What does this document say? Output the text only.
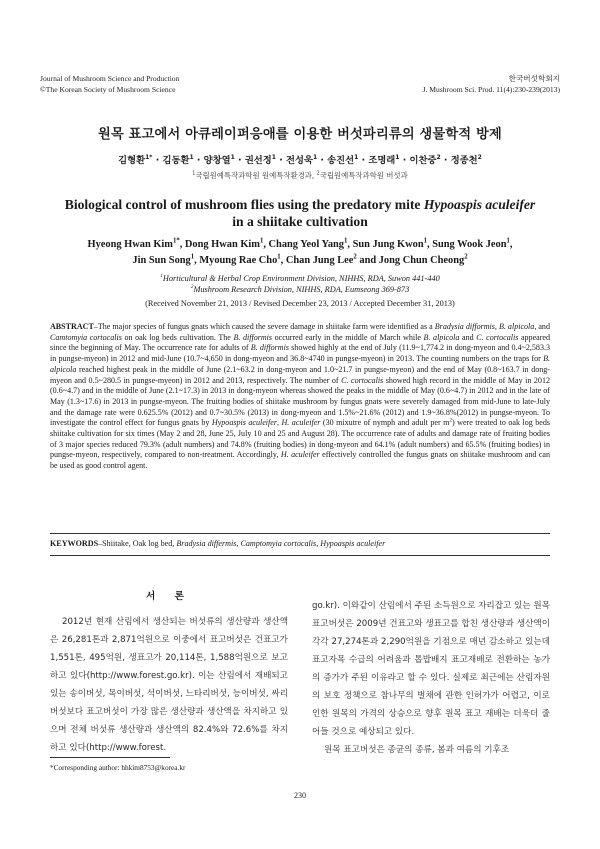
Journal of Mushroom Science and Production
©The Korean Society of Mushroom Science
한국버섯학회지
J. Mushroom Sci. Prod. 11(4):230-239(2013)
원목 표고에서 아큐레이퍼응애를 이용한 버섯파리류의 생물학적 방제
김형환$^{1*}$ · 김동환$^1$ · 양창열$^1$ · 권선정$^1$ · 전성욱$^1$ · 송진선$^1$ · 조명래$^1$ · 이찬중$^2$ · 정종천$^2$
$^1$국립원예특작과학원 원예특작환경과, $^2$국립원예특작과학원 버섯과
Biological control of mushroom flies using the predatory mite Hypoaspis aculeifer in a shiitake cultivation
Hyeong Hwan Kim$^{1*}$, Dong Hwan Kim$^1$, Chang Yeol Yang$^1$, Sun Jung Kwon$^1$, Sung Wook Jeon$^1$,
Jin Sun Song$^1$, Myoung Rae Cho$^1$, Chan Jung Lee$^2$ and Jong Chun Cheong$^2$
$^1$Horticultural & Herbal Crop Environment Division, NIHHS, RDA, Suwon 441-440
$^2$Mushroom Research Division, NIHHS, RDA, Eumseong 369-873
(Received November 21, 2013 / Revised December 23, 2013 / Accepted December 31, 2013)

ABSTRACT–The major species of fungus gnats which caused the severe damage in shiitake farm were identified as a Bradysia difformis, B. alpicola, and Camtomyia cortocalis on oak log beds cultivation. The B. difformis occurred early in the middle of March while B. alpicola and C. cortocalis appeared since the beginning of May. The occurrence rate for adults of B. difformis showed highly at the end of July (11.9~1,774.2 in dong-myeon and 0.4~2,583.3 in pungse-myeon) in 2012 and mid-June (10.7~4,650 in dong-myeon and 36.8~4740 in pungse-myeon) in 2013. The counting numbers on the traps for B. alpicola reached highest peak in the middle of June (2.1~63.2 in dong-myeon and 1.0~21.7 in pungse-myeon) and the end of May (0.8~163.7 in dong-myeon and 0.5~280.5 in pungse-myeon) in 2012 and 2013, respectively. The number of C. cortocalis showed high record in the middle of May in 2012 (0.6~4.7) and in the middle of June (2.1~17.3) in 2013 in dong-myeon whereas showed the peaks in the middle of May (0.6~4.7) in 2012 and in the late of May (1.3~17.6) in 2013 in pungse-myeon. The fruiting bodies of shiitake mushroom by fungus gnats were severely damaged from mid-June to late-July and the damage rate were 0.625.5% (2012) and 0.7~30.5% (2013) in dong-myeon and 1.5%~21.6% (2012) and 1.9~36.8%(2012) in pungse-myeon. To investigate the control effect for fungus gnats by Hypoaspis aculeifer, H. aculeifer (30 mixutre of nymph and adult per $m^2$) were treated to oak log beds shiitake cultivation for six times (May 2 and 28, June 25, July 10 and 25 and August 28). The occurrence rate of adults and damage rate of fruiting bodies of 3 major species reduced 79.3% (adult numbers) and 74.8% (fruiting bodies) in dong-myeon and 64.1% (adult numbers) and 65.5% (fruiting bodies) in pungse-myeon, respectively, compared to non-treatment. Accordingly, H. aculeifer effectively controlled the fungus gnats on shiitake mushroom and can be used as good control agent.

KEYWORDS–Shiitake, Oak log bed, Bradysia differmis, Camptomyia cortocalis, Hypoaspis aculeifer
서 론

2012년 현재 산림에서 생산되는 버섯류의 생산량과 생산액은 26,281톤과 2,871억원으로 이중에서 표고버섯은 건표고가 1,551톤, 495억원, 생표고가 20,114톤, 1,588억원으로 보고하고 있다(http://www.forest.go.kr). 이는 산림에서 재배되고 있는 송이버섯, 목이버섯, 석이버섯, 느타리버섯, 능이버섯, 싸리버섯보다 표고버섯이 가장 많은 생산량과 생산액을 차지하고 있으며 전체 버섯류 생산량과 생산액의 82.4%와 72.6%를 차지하고 있다(http://www.forest.

go.kr). 이와같이 산림에서 주된 소득원으로 자리잡고 있는 원목 표고버섯은 2009년 건표고와 생표고를 합친 생산량과 생산액이 각각 27,274톤과 2,290억원을 기점으로 매년 감소하고 있는데 표고자목 수급의 어려움과 톱밥배지 표고재배로 전환하는 농가의 증가가 주된 이유라고 할 수 있다. 실제로 최근에는 산림자원의 보호 정책으로 참나무의 벌채에 관한 인허가가 어렵고, 이로인한 원목의 가격의 상승으로 향후 원목 표고 재배는 더욱더 줄어들 것으로 예상되고 있다.

원목 표고버섯은 종균의 종류, 봄과 여름의 기후조

*Corresponding author: hhkim8753@korea.kr
230
